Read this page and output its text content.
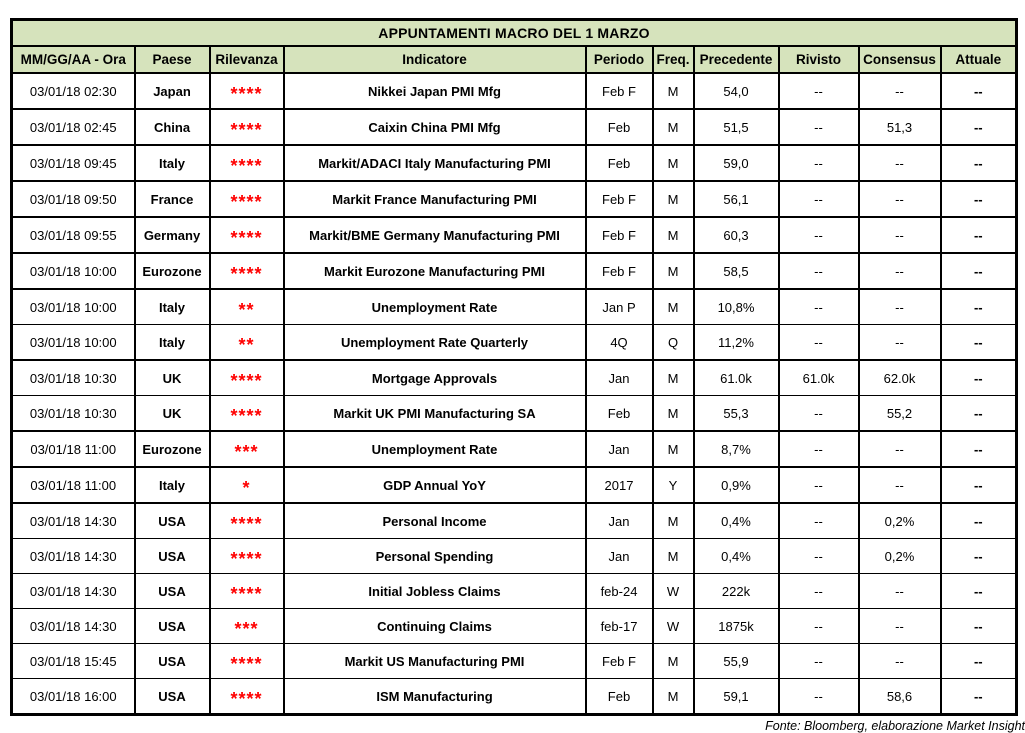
APPUNTAMENTI MACRO DEL 1 MARZO									
MM/GG/AA - Ora	Paese	Rilevanza	Indicatore	Periodo	Freq.	Precedente	Rivisto	Consensus	Attuale
03/01/18 02:30	Japan	****	Nikkei Japan PMI Mfg	Feb F	M	54,0	--	--	--
03/01/18 02:45	China	****	Caixin China PMI Mfg	Feb	M	51,5	--	51,3	--
03/01/18 09:45	Italy	****	Markit/ADACI Italy Manufacturing PMI	Feb	M	59,0	--	--	--
03/01/18 09:50	France	****	Markit France Manufacturing PMI	Feb F	M	56,1	--	--	--
03/01/18 09:55	Germany	****	Markit/BME Germany Manufacturing PMI	Feb F	M	60,3	--	--	--
03/01/18 10:00	Eurozone	****	Markit Eurozone Manufacturing PMI	Feb F	M	58,5	--	--	--
03/01/18 10:00	Italy	**	Unemployment Rate	Jan P	M	10,8%	--	--	--
03/01/18 10:00	Italy	**	Unemployment Rate Quarterly	4Q	Q	11,2%	--	--	--
03/01/18 10:30	UK	****	Mortgage Approvals	Jan	M	61.0k	61.0k	62.0k	--
03/01/18 10:30	UK	****	Markit UK PMI Manufacturing SA	Feb	M	55,3	--	55,2	--
03/01/18 11:00	Eurozone	***	Unemployment Rate	Jan	M	8,7%	--	--	--
03/01/18 11:00	Italy	*	GDP Annual YoY	2017	Y	0,9%	--	--	--
03/01/18 14:30	USA	****	Personal Income	Jan	M	0,4%	--	0,2%	--
03/01/18 14:30	USA	****	Personal Spending	Jan	M	0,4%	--	0,2%	--
03/01/18 14:30	USA	****	Initial Jobless Claims	feb-24	W	222k	--	--	--
03/01/18 14:30	USA	***	Continuing Claims	feb-17	W	1875k	--	--	--
03/01/18 15:45	USA	****	Markit US Manufacturing PMI	Feb F	M	55,9	--	--	--
03/01/18 16:00	USA	****	ISM Manufacturing	Feb	M	59,1	--	58,6	--
Fonte: Bloomberg, elaborazione Market Insight
